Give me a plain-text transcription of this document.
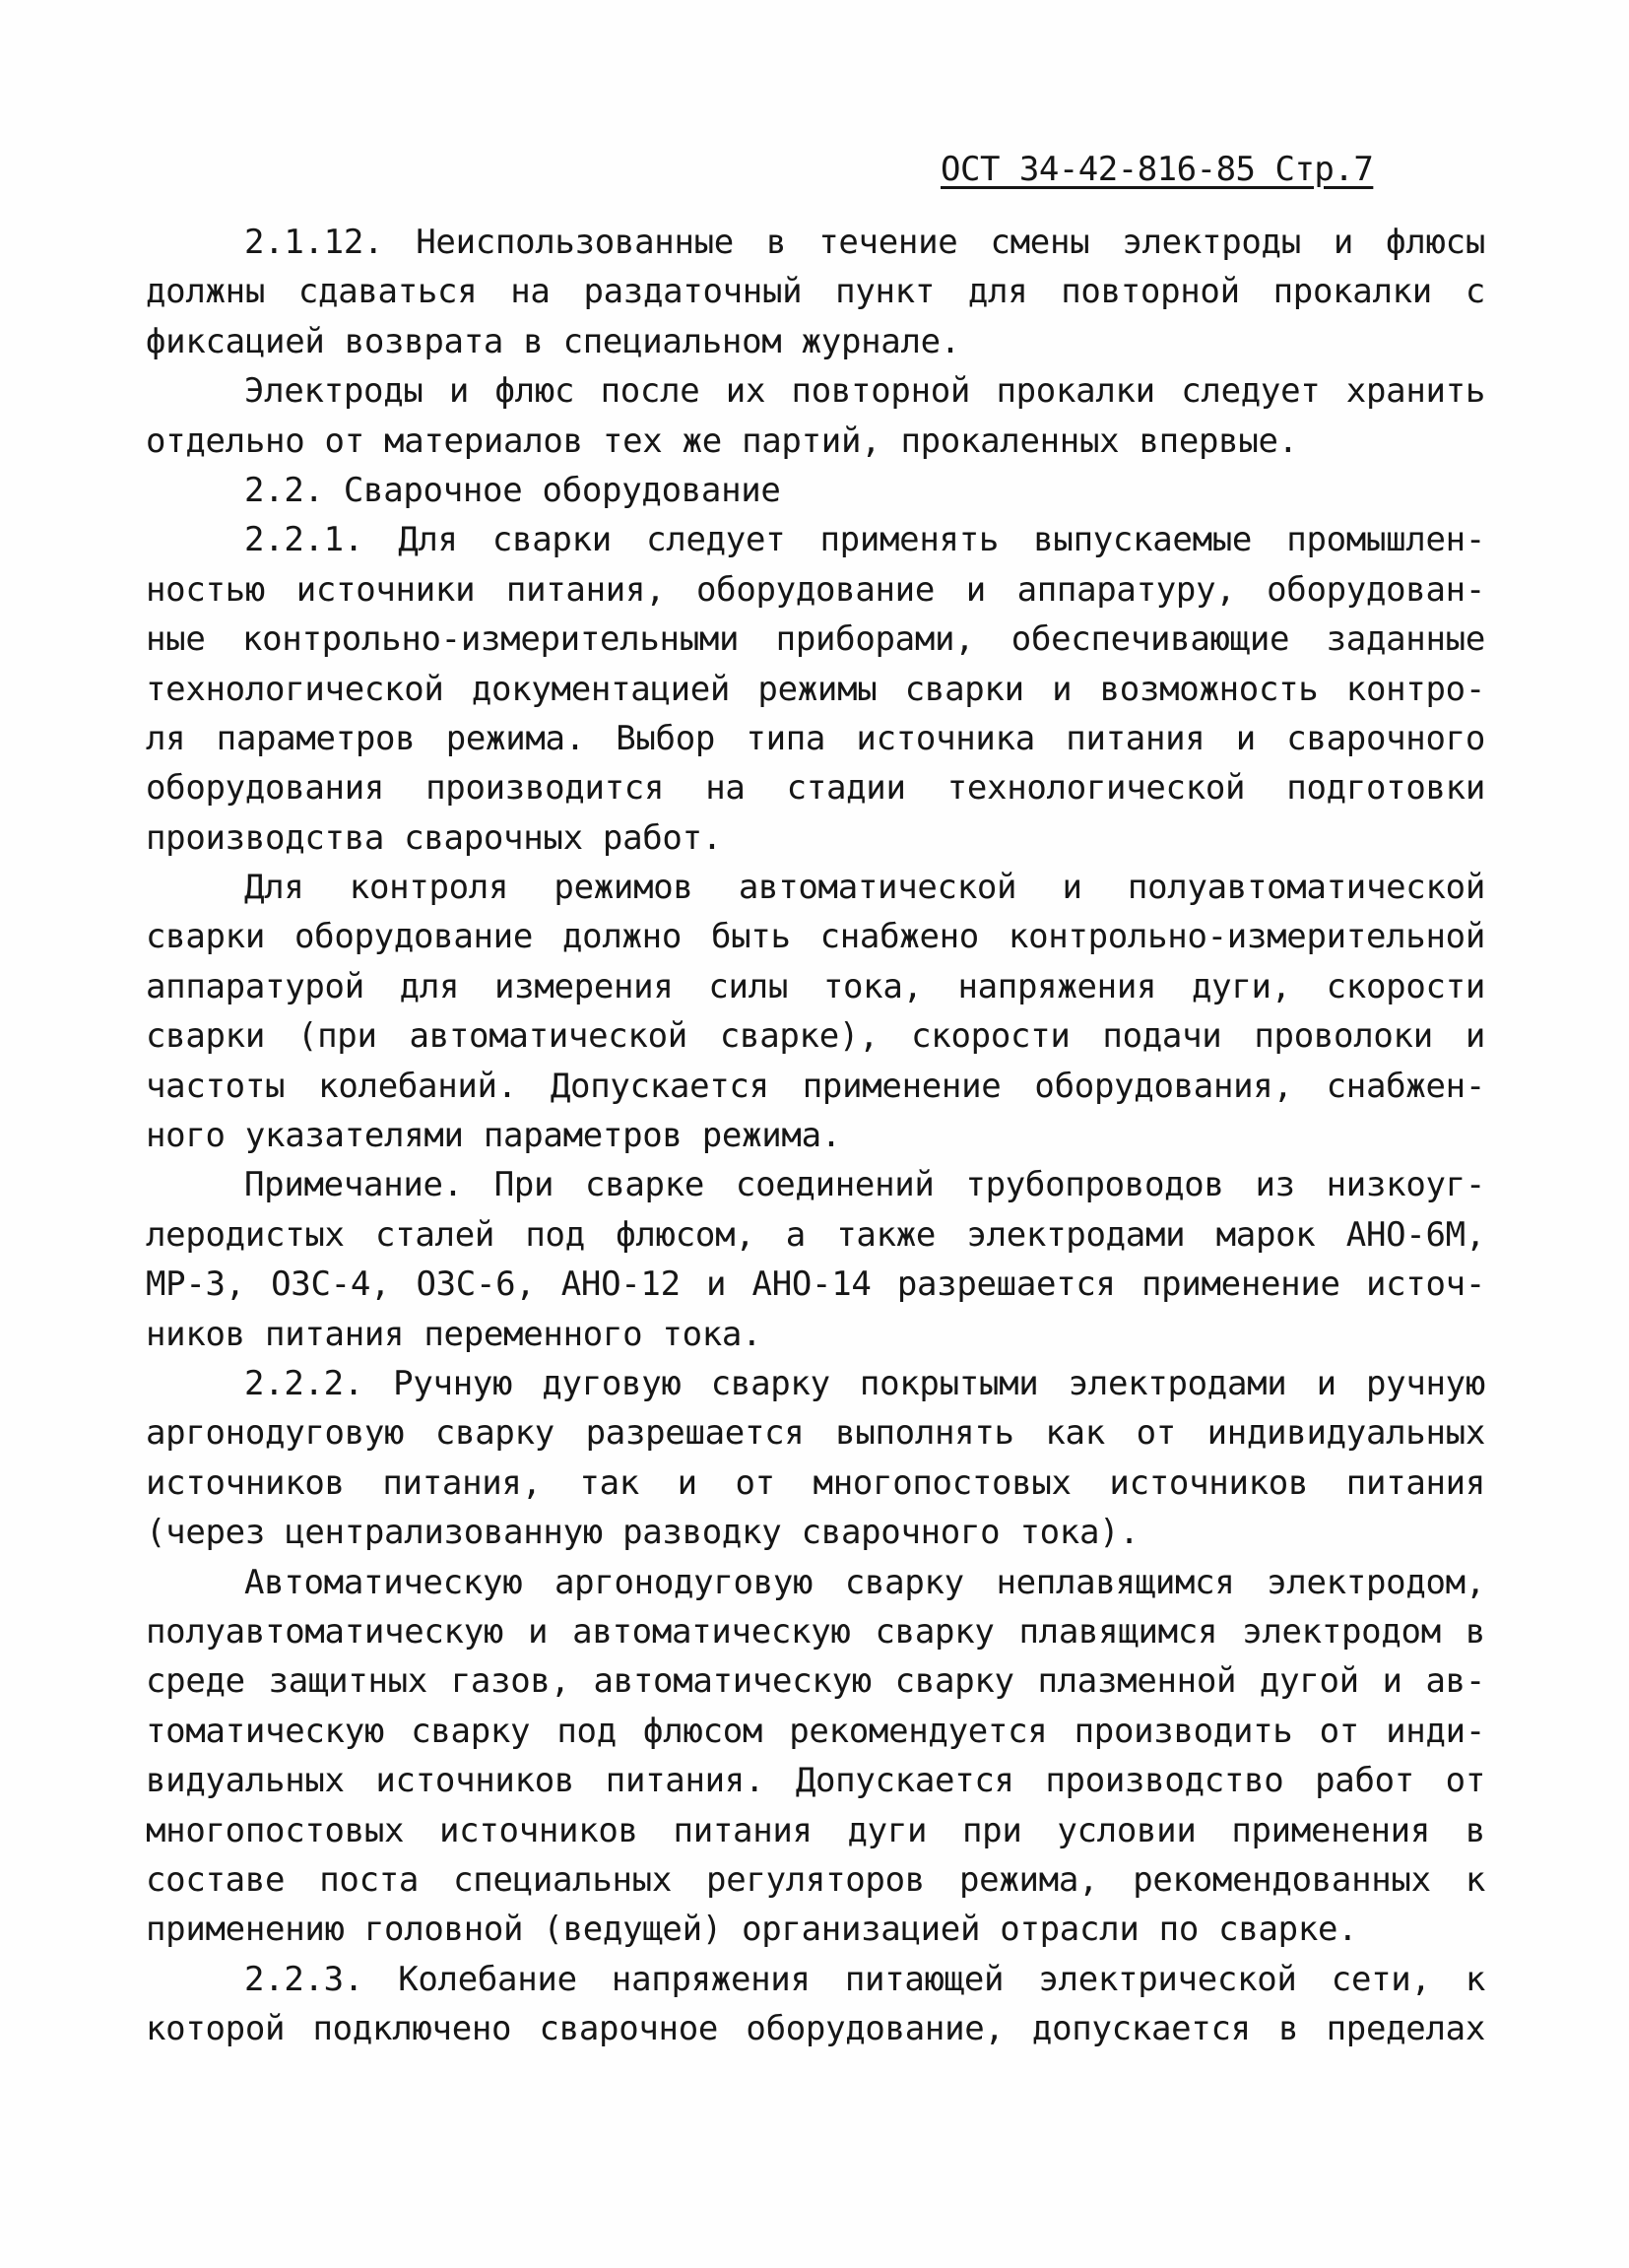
ОСТ 34-42-816-85 Стр.7
2.1.12. Неиспользованные в течение смены электроды и флюсы
должны сдаваться на раздаточный пункт для повторной прокалки с
фиксацией возврата в специальном журнале.
Электроды и флюс после их повторной прокалки следует хранить
отдельно от материалов тех же партий, прокаленных впервые.
2.2. Сварочное оборудование
2.2.1. Для сварки следует применять выпускаемые промышлен-
ностью источники питания, оборудование и аппаратуру, оборудован-
ные контрольно-измерительными приборами, обеспечивающие заданные
технологической документацией режимы сварки и возможность контро-
ля параметров режима. Выбор типа источника питания и сварочного
оборудования производится на стадии технологической подготовки
производства сварочных работ.
Для контроля режимов автоматической и полуавтоматической
сварки оборудование должно быть снабжено контрольно-измерительной
аппаратурой для измерения силы тока, напряжения дуги, скорости
сварки (при автоматической сварке), скорости подачи проволоки и
частоты колебаний. Допускается применение оборудования, снабжен-
ного указателями параметров режима.
Примечание. При сварке соединений трубопроводов из низкоуг-
леродистых сталей под флюсом, а также электродами марок АНО-6М,
МР-3, ОЗС-4, ОЗС-6, АНО-12 и АНО-14 разрешается применение источ-
ников питания переменного тока.
2.2.2. Ручную дуговую сварку покрытыми электродами и ручную
аргонодуговую сварку разрешается выполнять как от индивидуальных
источников питания, так и от многопостовых источников питания
(через централизованную разводку сварочного тока).
Автоматическую аргонодуговую сварку неплавящимся электродом,
полуавтоматическую и автоматическую сварку плавящимся электродом в
среде защитных газов, автоматическую сварку плазменной дугой и ав-
томатическую сварку под флюсом рекомендуется производить от инди-
видуальных источников питания. Допускается производство работ от
многопостовых источников питания дуги при условии применения в
составе поста специальных регуляторов режима, рекомендованных к
применению головной (ведущей) организацией отрасли по сварке.
2.2.3. Колебание напряжения питающей электрической сети, к
которой подключено сварочное оборудование, допускается в пределах
